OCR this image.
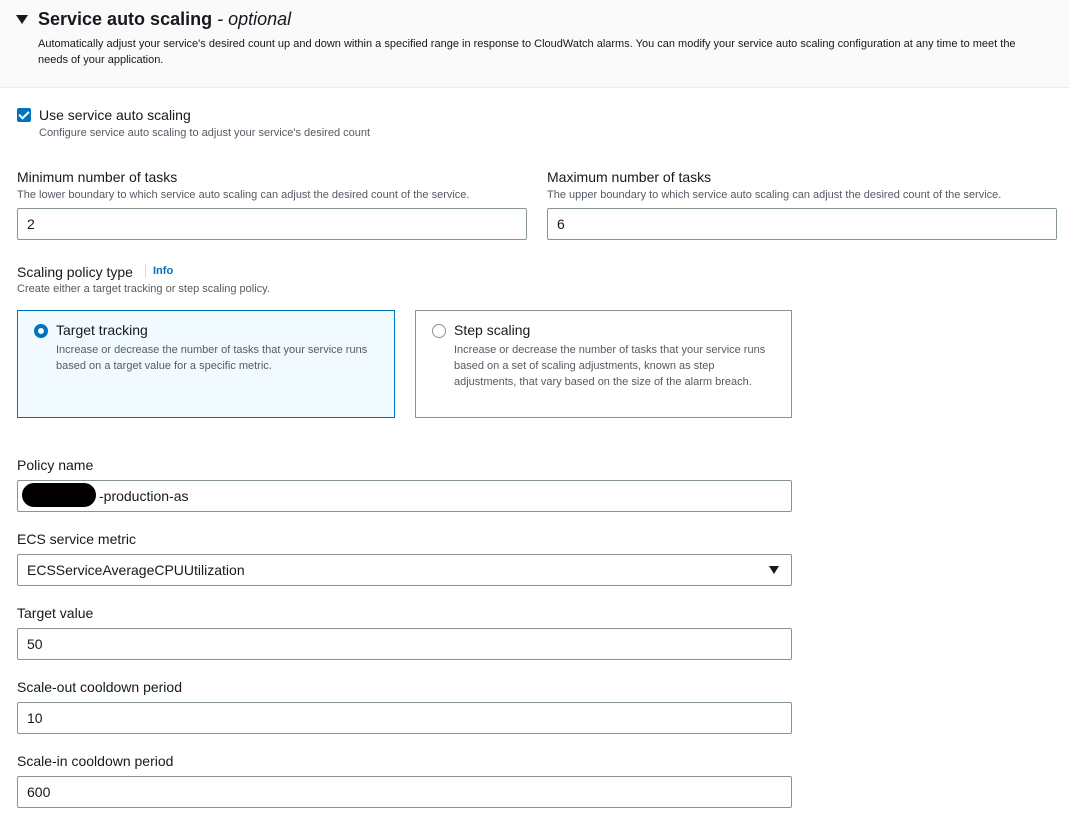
Service auto scaling - optional
Automatically adjust your service's desired count up and down within a specified range in response to CloudWatch alarms. You can modify your service auto scaling configuration at any time to meet the needs of your application.
Use service auto scaling
Configure service auto scaling to adjust your service's desired count
Minimum number of tasks
The lower boundary to which service auto scaling can adjust the desired count of the service.
2
Maximum number of tasks
The upper boundary to which service auto scaling can adjust the desired count of the service.
6
Scaling policy type Info
Create either a target tracking or step scaling policy.
Target tracking
Increase or decrease the number of tasks that your service runs based on a target value for a specific metric.
Step scaling
Increase or decrease the number of tasks that your service runs based on a set of scaling adjustments, known as step adjustments, that vary based on the size of the alarm breach.
Policy name
-production-as
ECS service metric
ECSServiceAverageCPUUtilization
Target value
50
Scale-out cooldown period
10
Scale-in cooldown period
600
